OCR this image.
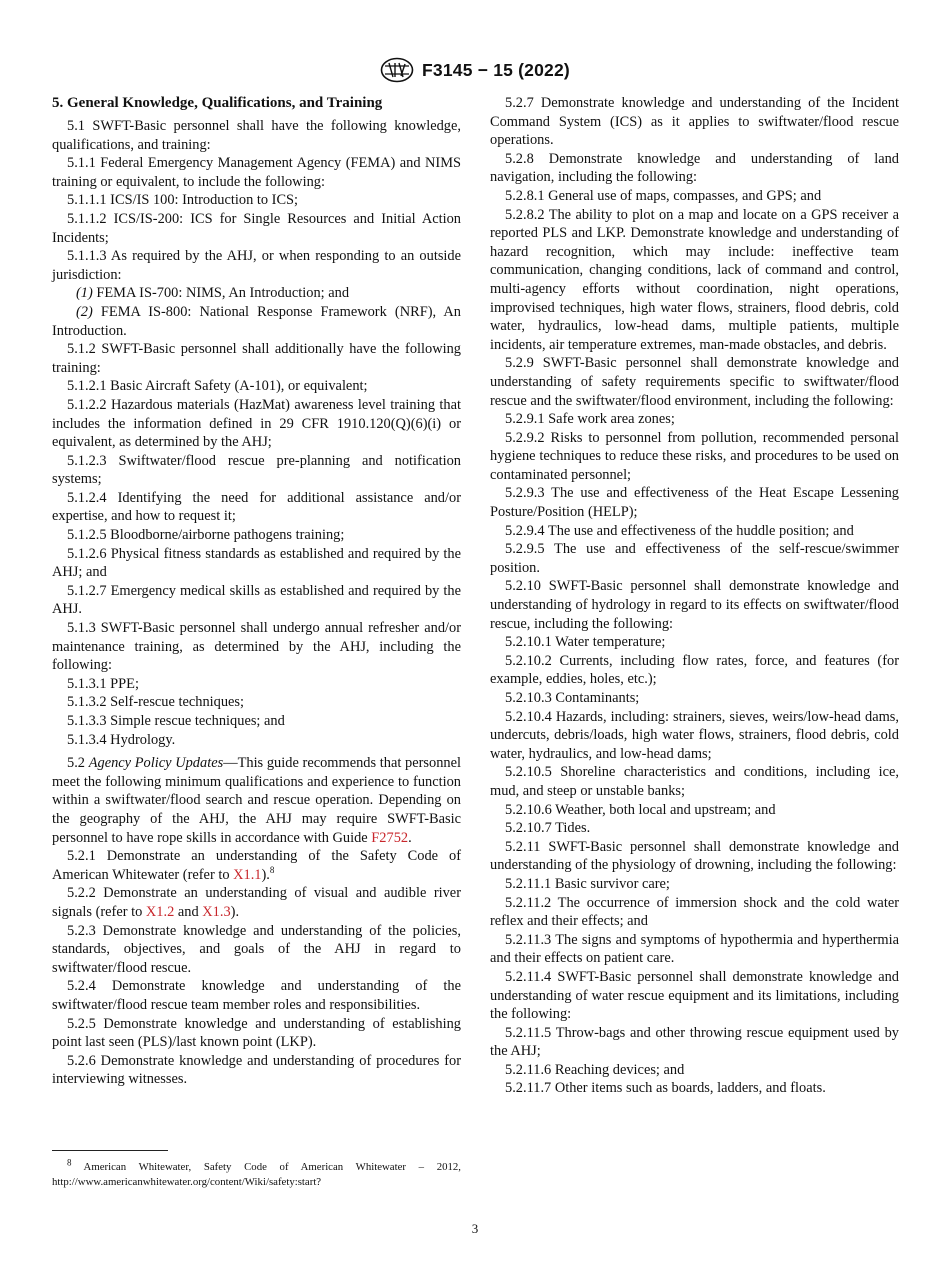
F3145 − 15 (2022)

5. General Knowledge, Qualifications, and Training

5.1 SWFT-Basic personnel shall have the following knowledge, qualifications, and training:

5.1.1 Federal Emergency Management Agency (FEMA) and NIMS training or equivalent, to include the following:

5.1.1.1 ICS/IS 100: Introduction to ICS;

5.1.1.2 ICS/IS-200: ICS for Single Resources and Initial Action Incidents;

5.1.1.3 As required by the AHJ, or when responding to an outside jurisdiction:

(1) FEMA IS-700: NIMS, An Introduction; and

(2) FEMA IS-800: National Response Framework (NRF), An Introduction.

5.1.2 SWFT-Basic personnel shall additionally have the following training:

5.1.2.1 Basic Aircraft Safety (A-101), or equivalent;

5.1.2.2 Hazardous materials (HazMat) awareness level training that includes the information defined in 29 CFR 1910.120(Q)(6)(i) or equivalent, as determined by the AHJ;

5.1.2.3 Swiftwater/flood rescue pre-planning and notification systems;

5.1.2.4 Identifying the need for additional assistance and/or expertise, and how to request it;

5.1.2.5 Bloodborne/airborne pathogens training;

5.1.2.6 Physical fitness standards as established and required by the AHJ; and

5.1.2.7 Emergency medical skills as established and required by the AHJ.

5.1.3 SWFT-Basic personnel shall undergo annual refresher and/or maintenance training, as determined by the AHJ, including the following:

5.1.3.1 PPE;

5.1.3.2 Self-rescue techniques;

5.1.3.3 Simple rescue techniques; and

5.1.3.4 Hydrology.

5.2 Agency Policy Updates—This guide recommends that personnel meet the following minimum qualifications and experience to function within a swiftwater/flood search and rescue operation. Depending on the geography of the AHJ, the AHJ may require SWFT-Basic personnel to have rope skills in accordance with Guide F2752.

5.2.1 Demonstrate an understanding of the Safety Code of American Whitewater (refer to X1.1).$^8$

5.2.2 Demonstrate an understanding of visual and audible river signals (refer to X1.2 and X1.3).

5.2.3 Demonstrate knowledge and understanding of the policies, standards, objectives, and goals of the AHJ in regard to swiftwater/flood rescue.

5.2.4 Demonstrate knowledge and understanding of the swiftwater/flood rescue team member roles and responsibilities.

5.2.5 Demonstrate knowledge and understanding of establishing point last seen (PLS)/last known point (LKP).

5.2.6 Demonstrate knowledge and understanding of procedures for interviewing witnesses.

5.2.7 Demonstrate knowledge and understanding of the Incident Command System (ICS) as it applies to swiftwater/flood rescue operations.

5.2.8 Demonstrate knowledge and understanding of land navigation, including the following:

5.2.8.1 General use of maps, compasses, and GPS; and

5.2.8.2 The ability to plot on a map and locate on a GPS receiver a reported PLS and LKP. Demonstrate knowledge and understanding of hazard recognition, which may include: ineffective team communication, changing conditions, lack of command and control, multi-agency efforts without coordination, night operations, improvised techniques, high water flows, strainers, flood debris, cold water, hydraulics, low-head dams, multiple patients, multiple incidents, air temperature extremes, man-made obstacles, and debris.

5.2.9 SWFT-Basic personnel shall demonstrate knowledge and understanding of safety requirements specific to swiftwater/flood rescue and the swiftwater/flood environment, including the following:

5.2.9.1 Safe work area zones;

5.2.9.2 Risks to personnel from pollution, recommended personal hygiene techniques to reduce these risks, and procedures to be used on contaminated personnel;

5.2.9.3 The use and effectiveness of the Heat Escape Lessening Posture/Position (HELP);

5.2.9.4 The use and effectiveness of the huddle position; and

5.2.9.5 The use and effectiveness of the self-rescue/swimmer position.

5.2.10 SWFT-Basic personnel shall demonstrate knowledge and understanding of hydrology in regard to its effects on swiftwater/flood rescue, including the following:

5.2.10.1 Water temperature;

5.2.10.2 Currents, including flow rates, force, and features (for example, eddies, holes, etc.);

5.2.10.3 Contaminants;

5.2.10.4 Hazards, including: strainers, sieves, weirs/low-head dams, undercuts, debris/loads, high water flows, strainers, flood debris, cold water, hydraulics, and low-head dams;

5.2.10.5 Shoreline characteristics and conditions, including ice, mud, and steep or unstable banks;

5.2.10.6 Weather, both local and upstream; and

5.2.10.7 Tides.

5.2.11 SWFT-Basic personnel shall demonstrate knowledge and understanding of the physiology of drowning, including the following:

5.2.11.1 Basic survivor care;

5.2.11.2 The occurrence of immersion shock and the cold water reflex and their effects; and

5.2.11.3 The signs and symptoms of hypothermia and hyperthermia and their effects on patient care.

5.2.11.4 SWFT-Basic personnel shall demonstrate knowledge and understanding of water rescue equipment and its limitations, including the following:

5.2.11.5 Throw-bags and other throwing rescue equipment used by the AHJ;

5.2.11.6 Reaching devices; and

5.2.11.7 Other items such as boards, ladders, and floats.

$^8$ American Whitewater, Safety Code of American Whitewater – 2012, http://www.americanwhitewater.org/content/Wiki/safety:start?
3
